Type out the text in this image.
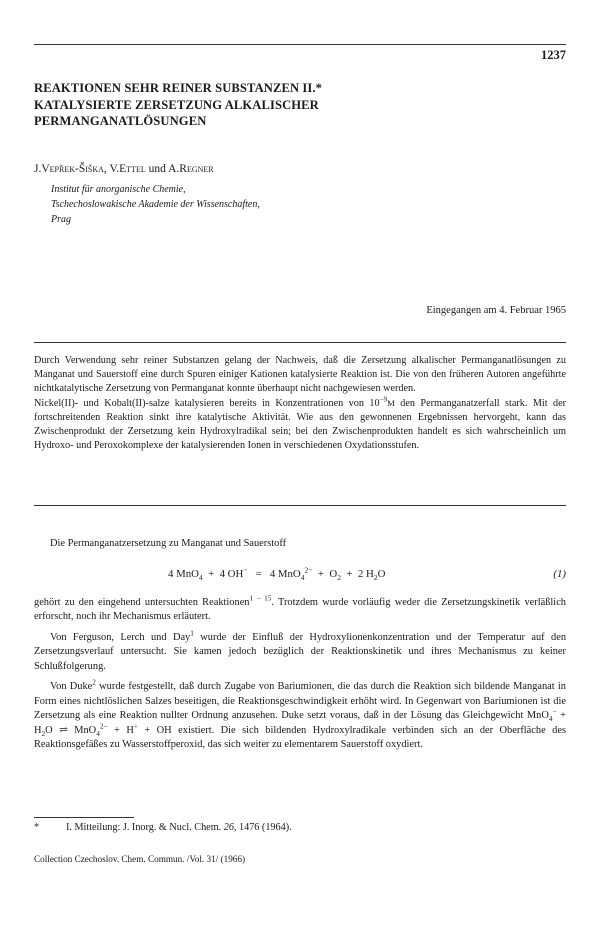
1237
REAKTIONEN SEHR REINER SUBSTANZEN II.*
KATALYSIERTE ZERSETZUNG ALKALISCHER
PERMANGANATLÖSUNGEN
J.Vepřek-Šiška, V.Ettel und A.Regner
Institut für anorganische Chemie,
Tschechoslowakische Akademie der Wissenschaften,
Prag
Eingegangen am 4. Februar 1965

Durch Verwendung sehr reiner Substanzen gelang der Nachweis, daß die Zersetzung alkalischer Permanganatlösungen zu Manganat und Sauerstoff eine durch Spuren einiger Kationen katalysierte Reaktion ist. Die von den früheren Autoren angeführte nichtkatalytische Zersetzung von Permanganat konnte überhaupt nicht nachgewiesen werden.

Nickel(II)- und Kobalt(II)-salze katalysieren bereits in Konzentrationen von $10^{-9}M$ den Permanganatzerfall stark. Mit der fortschreitenden Reaktion sinkt ihre katalytische Aktivität. Wie aus den gewonnenen Ergebnissen hervorgeht, kann das Zwischenprodukt der Zersetzung kein Hydroxylradikal sein; bei den Zwischenprodukten handelt es sich wahrscheinlich um Hydroxo- und Peroxokomplexe der katalysierenden Ionen in verschiedenen Oxydationsstufen.

Die Permanganatzersetzung zu Manganat und Sauerstoff

4 MnO$_4$  +  4 OH−   =   4 $MnO_4^{2-} + O_2 + 2$ $H_2O$	(1)

gehört zu den eingehend untersuchten Reaktionen$^{1 - 15}$. Trotzdem wurde vorläufig weder die Zersetzungskinetik verläßlich erforscht, noch ihr Mechanismus erläutert.

Von Ferguson, Lerch und Day$^1$ wurde der Einfluß der Hydroxylionenkonzentration und der Temperatur auf den Zersetzungsverlauf untersucht. Sie kamen jedoch bezüglich der Reaktionskinetik und ihres Mechanismus zu keiner Schlußfolgerung.

Von Duke$^2$ wurde festgestellt, daß durch Zugabe von Bariumionen, die das durch die Reaktion sich bildende Manganat in Form eines nichtlöslichen Salzes beseitigen, die Reaktionsgeschwindigkeit erhöht wird. In Gegenwart von Bariumionen ist die Zersetzung als eine Reaktion nullter Ordnung anzusehen. Duke setzt voraus, daß in der Lösung das Gleichgewicht $MnO_4^- + H_2O$ ⇌ MnO$_4^{2-}$ + H+ + OH existiert. Die sich bildenden Hydroxylradikale verbinden sich an der Oberfläche des Reaktionsgefäßes zu Wasserstoffperoxid, das sich weiter zu elementarem Sauerstoff oxydiert.

*	I. Mitteilung: J. Inorg. & Nucl. Chem. 26, 1476 (1964).
Collection Czechoslov. Chem. Commun. /Vol. 31/ (1966)
